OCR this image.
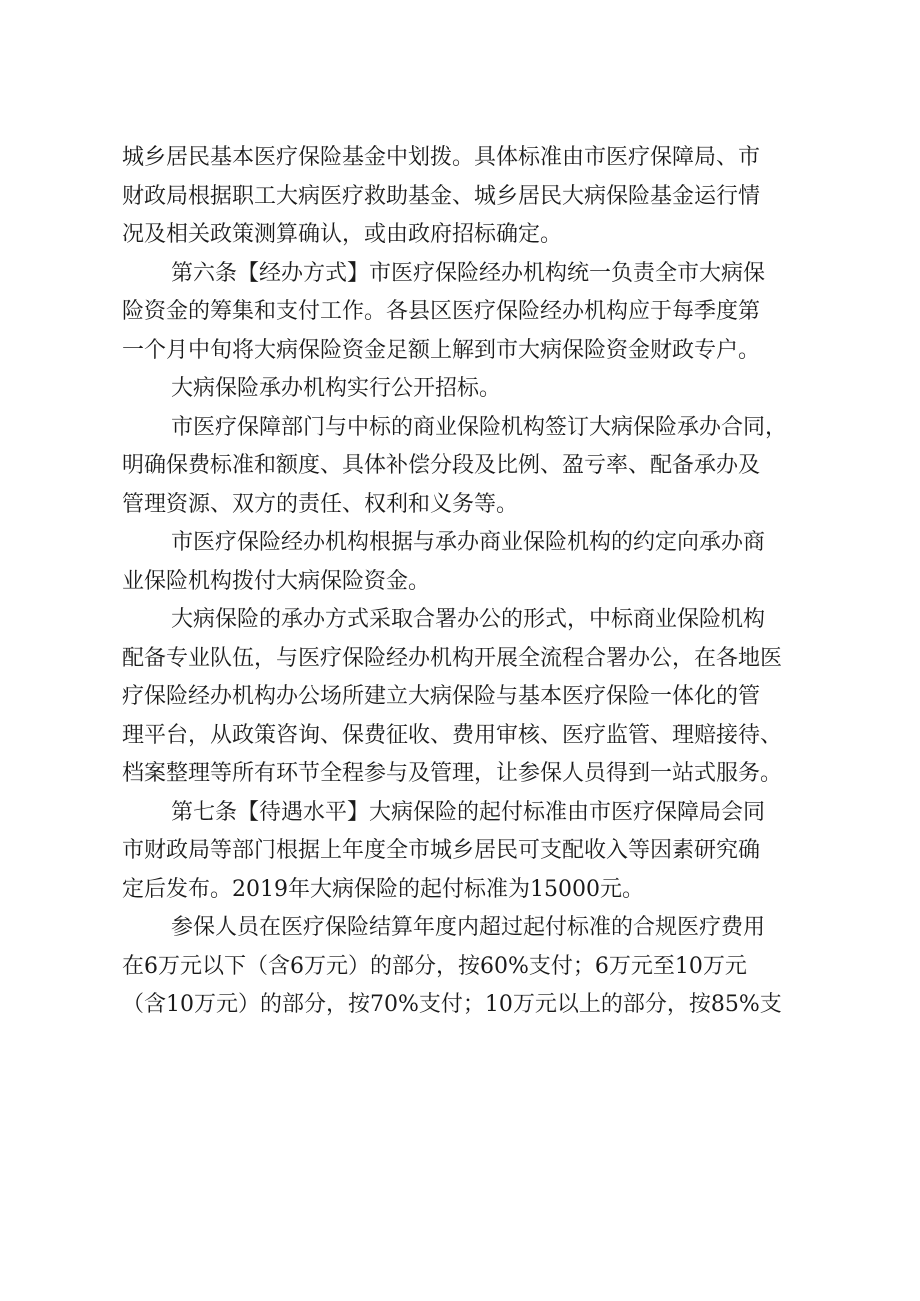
城乡居民基本医疗保险基金中划拨。具体标准由市医疗保障局、市
财政局根据职工大病医疗救助基金、城乡居民大病保险基金运行情
况及相关政策测算确认，或由政府招标确定。

第六条【经办方式】市医疗保险经办机构统一负责全市大病保
险资金的筹集和支付工作。各县区医疗保险经办机构应于每季度第
一个月中旬将大病保险资金足额上解到市大病保险资金财政专户。

大病保险承办机构实行公开招标。

市医疗保障部门与中标的商业保险机构签订大病保险承办合同，
明确保费标准和额度、具体补偿分段及比例、盈亏率、配备承办及
管理资源、双方的责任、权利和义务等。

市医疗保险经办机构根据与承办商业保险机构的约定向承办商
业保险机构拨付大病保险资金。

大病保险的承办方式采取合署办公的形式，中标商业保险机构
配备专业队伍，与医疗保险经办机构开展全流程合署办公，在各地医
疗保险经办机构办公场所建立大病保险与基本医疗保险一体化的管
理平台，从政策咨询、保费征收、费用审核、医疗监管、理赔接待、
档案整理等所有环节全程参与及管理，让参保人员得到一站式服务。

第七条【待遇水平】大病保险的起付标准由市医疗保障局会同
市财政局等部门根据上年度全市城乡居民可支配收入等因素研究确
定后发布。2019年大病保险的起付标准为15000元。

参保人员在医疗保险结算年度内超过起付标准的合规医疗费用
在6万元以下（含6万元）的部分，按60%支付；6万元至10万元
（含10万元）的部分，按70%支付；10万元以上的部分，按85%支
